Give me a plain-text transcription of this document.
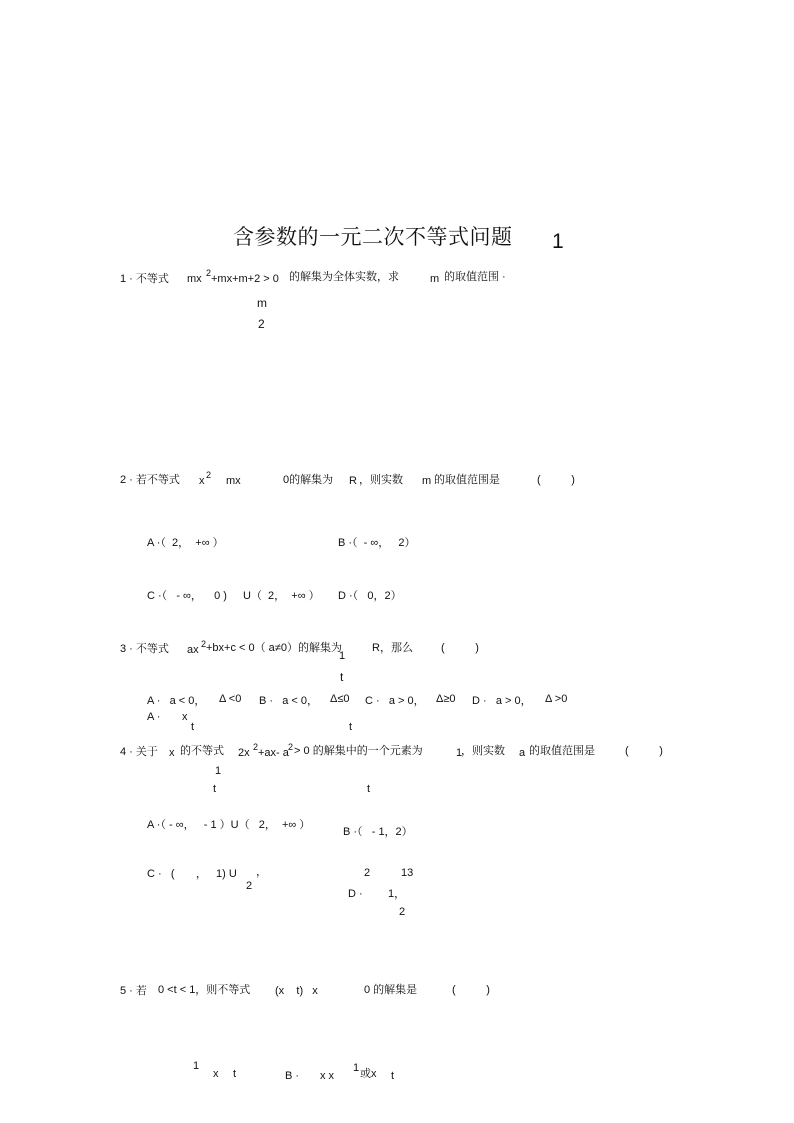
含参数的一元二次不等式问题 1
1 · 不等式 mx 2 +mx+m+2 > 0 的解集为全体实数，求	m 的取值范围 ·
m
2
2 · 若不等式 x 2 mx	0的解集为 R ，则实数 m 的取值范围是	(          )
A ·（  2，  +∞ ）	B ·（  - ∞，   2）
C ·（   - ∞，    0 ) U（  2，  +∞ ） D ·（   0，2）
3 · 不等式 ax 2 +bx+c < 0（ a≠0）的解集为	R，那么	(          )
1
t
A ·   a < 0， Δ <0 B ·   a < 0， Δ≤0 C ·   a > 0， Δ≥0 D ·   a > 0， Δ >0
A · x
t	t
4 · 关于 x 的不等式 2x 2 +ax- a 2
> 0 的解集中的一个元素为	1
，则实数 a 的取值范围是	(          )
1
t	t
A ·（ - ∞，   - 1 ）U（   2，  +∞ ）
B ·（   - 1，2）
C ·   (       ，   1) U
2
，	2	13
D · 1，
2
5 · 若 0 <t < 1，则不等式 (x    t)   x	0 的解集是	(          )
1
x t	B · x x
1 或x t
